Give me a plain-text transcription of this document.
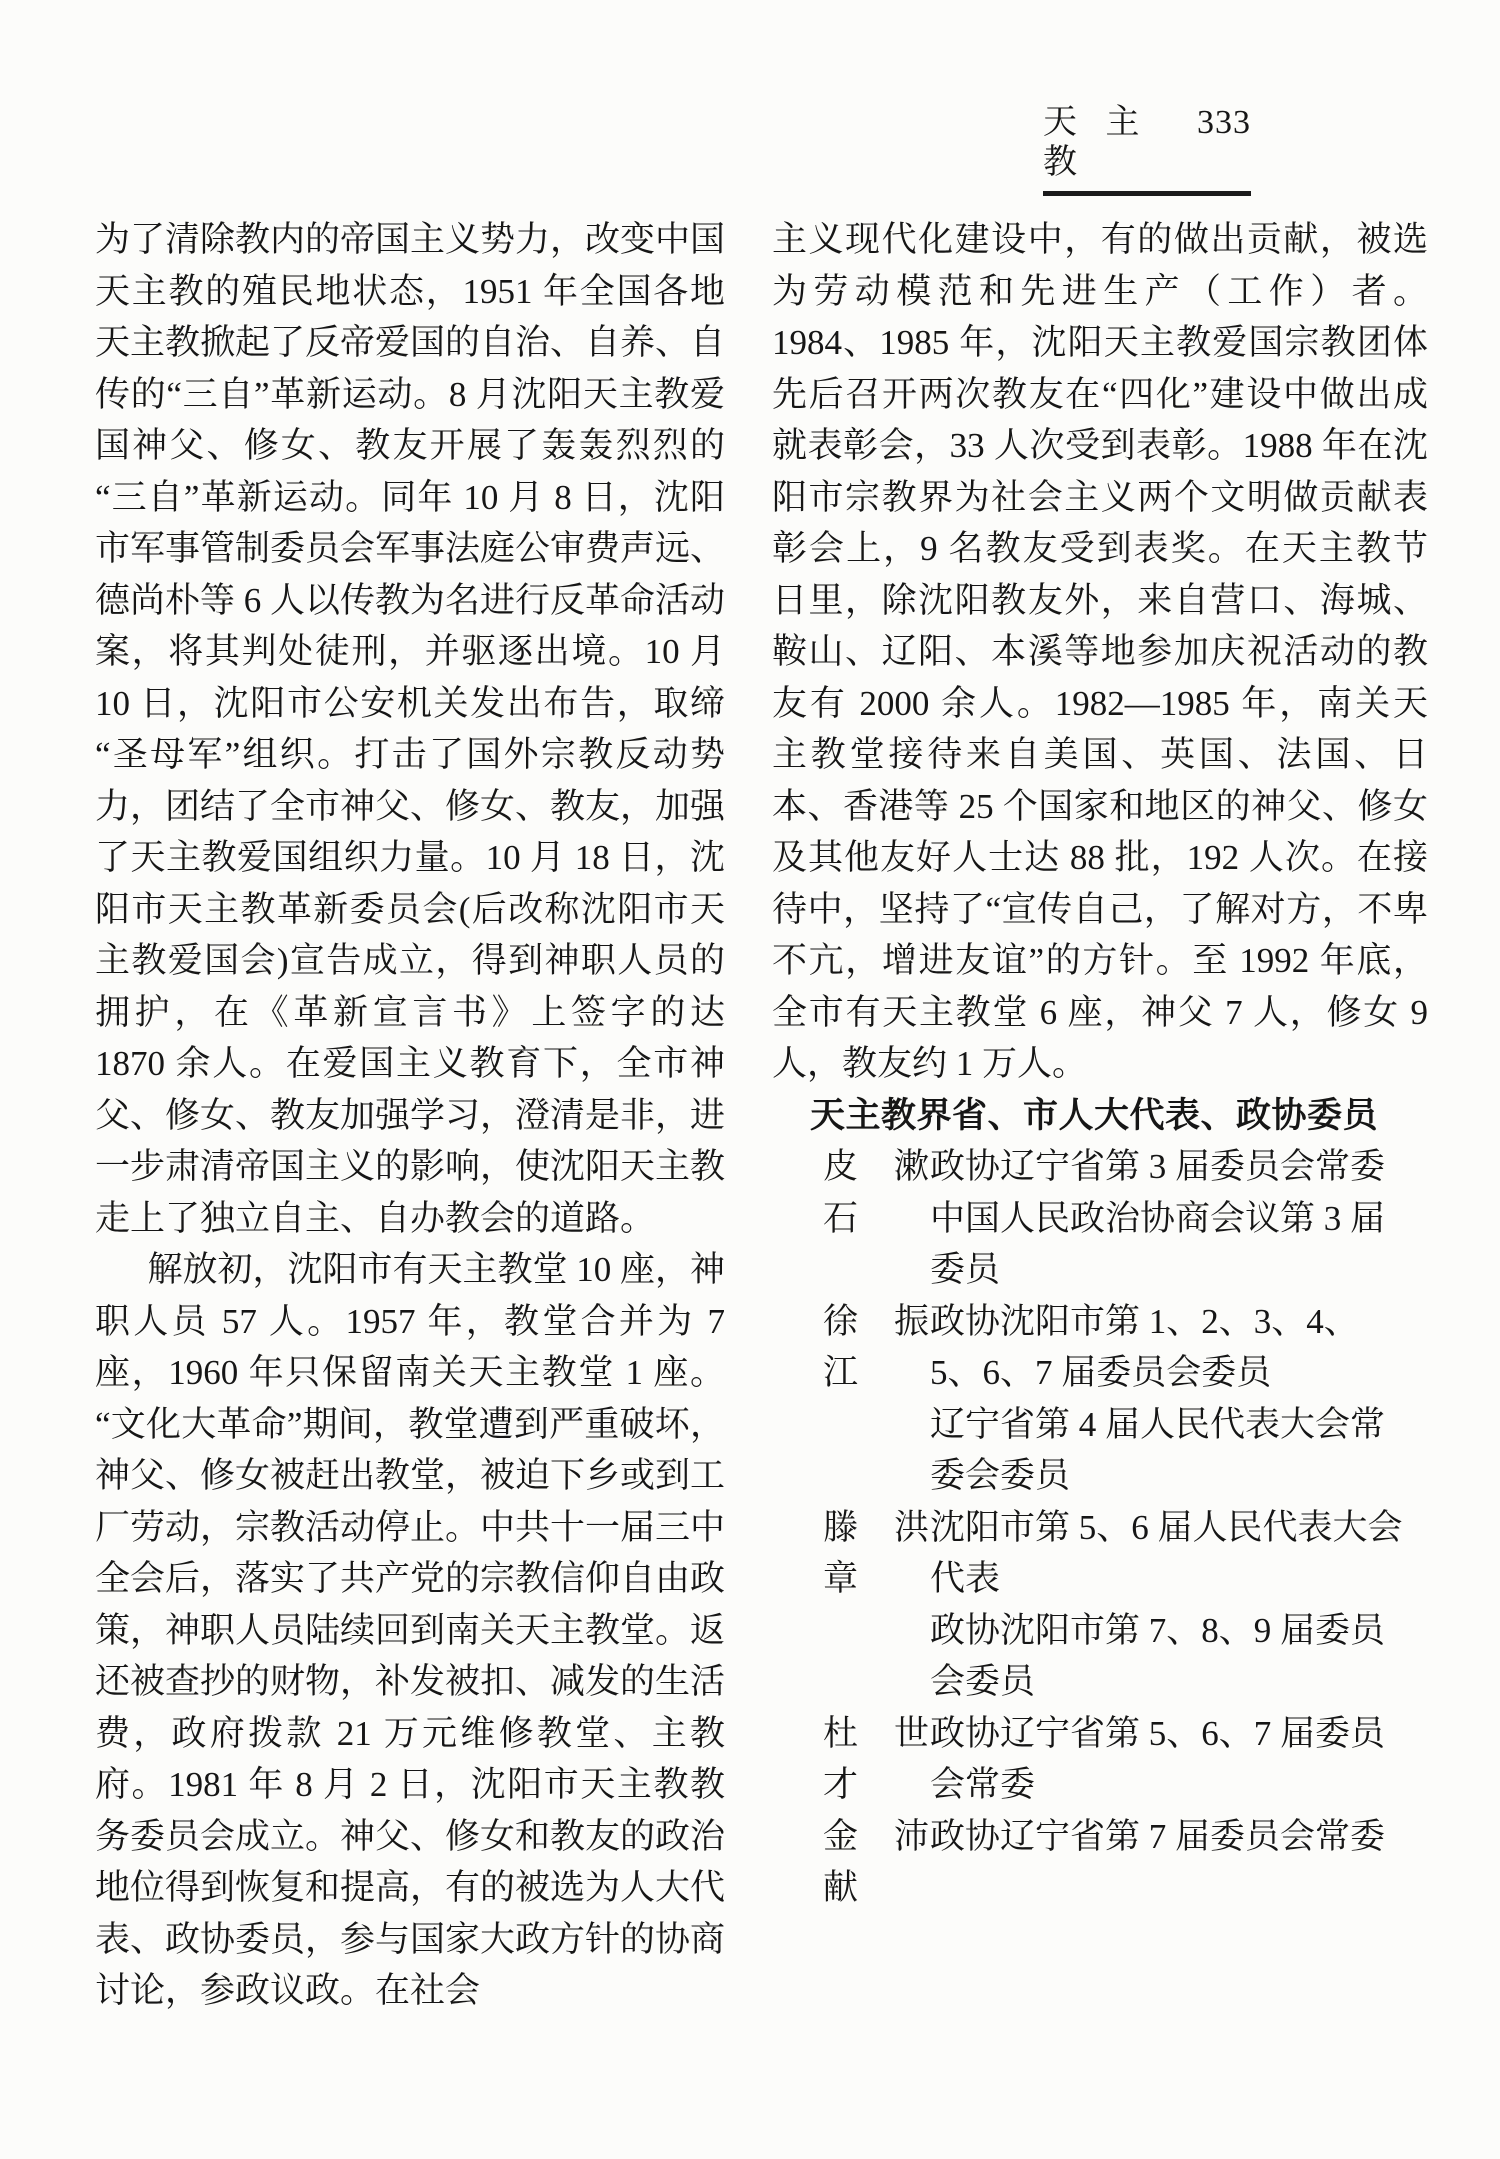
天 主 教
333

为了清除教内的帝国主义势力，改变中国天主教的殖民地状态，1951 年全国各地天主教掀起了反帝爱国的自治、自养、自传的“三自”革新运动。8 月沈阳天主教爱国神父、修女、教友开展了轰轰烈烈的“三自”革新运动。同年 10 月 8 日，沈阳市军事管制委员会军事法庭公审费声远、德尚朴等 6 人以传教为名进行反革命活动案，将其判处徒刑，并驱逐出境。10 月 10 日，沈阳市公安机关发出布告，取缔“圣母军”组织。打击了国外宗教反动势力，团结了全市神父、修女、教友，加强了天主教爱国组织力量。10 月 18 日，沈阳市天主教革新委员会(后改称沈阳市天主教爱国会)宣告成立，得到神职人员的拥护，在《革新宣言书》上签字的达 1870 余人。在爱国主义教育下，全市神父、修女、教友加强学习，澄清是非，进一步肃清帝国主义的影响，使沈阳天主教走上了独立自主、自办教会的道路。

解放初，沈阳市有天主教堂 10 座，神职人员 57 人。1957 年，教堂合并为 7 座，1960 年只保留南关天主教堂 1 座。“文化大革命”期间，教堂遭到严重破坏，神父、修女被赶出教堂，被迫下乡或到工厂劳动，宗教活动停止。中共十一届三中全会后，落实了共产党的宗教信仰自由政策，神职人员陆续回到南关天主教堂。返还被查抄的财物，补发被扣、减发的生活费，政府拨款 21 万元维修教堂、主教府。1981 年 8 月 2 日，沈阳市天主教教务委员会成立。神父、修女和教友的政治地位得到恢复和提高，有的被选为人大代表、政协委员，参与国家大政方针的协商讨论，参政议政。在社会

主义现代化建设中，有的做出贡献，被选为劳动模范和先进生产（工作）者。1984、1985 年，沈阳天主教爱国宗教团体先后召开两次教友在“四化”建设中做出成就表彰会，33 人次受到表彰。1988 年在沈阳市宗教界为社会主义两个文明做贡献表彰会上，9 名教友受到表奖。在天主教节日里，除沈阳教友外，来自营口、海城、鞍山、辽阳、本溪等地参加庆祝活动的教友有 2000 余人。1982—1985 年，南关天主教堂接待来自美国、英国、法国、日本、香港等 25 个国家和地区的神父、修女及其他友好人士达 88 批，192 人次。在接待中，坚持了“宣传自己，了解对方，不卑不亢，增进友谊”的方针。至 1992 年底，全市有天主教堂 6 座，神父 7 人，修女 9 人，教友约 1 万人。

天主教界省、市人大代表、政协委员
皮漱石
政协辽宁省第 3 届委员会常委
中国人民政治协商会议第 3 届委员
徐振江
政协沈阳市第 1、2、3、4、5、6、7 届委员会委员
辽宁省第 4 届人民代表大会常委会委员
滕洪章
沈阳市第 5、6 届人民代表大会代表
政协沈阳市第 7、8、9 届委员会委员
杜世才
政协辽宁省第 5、6、7 届委员会常委
金沛献
政协辽宁省第 7 届委员会常委
